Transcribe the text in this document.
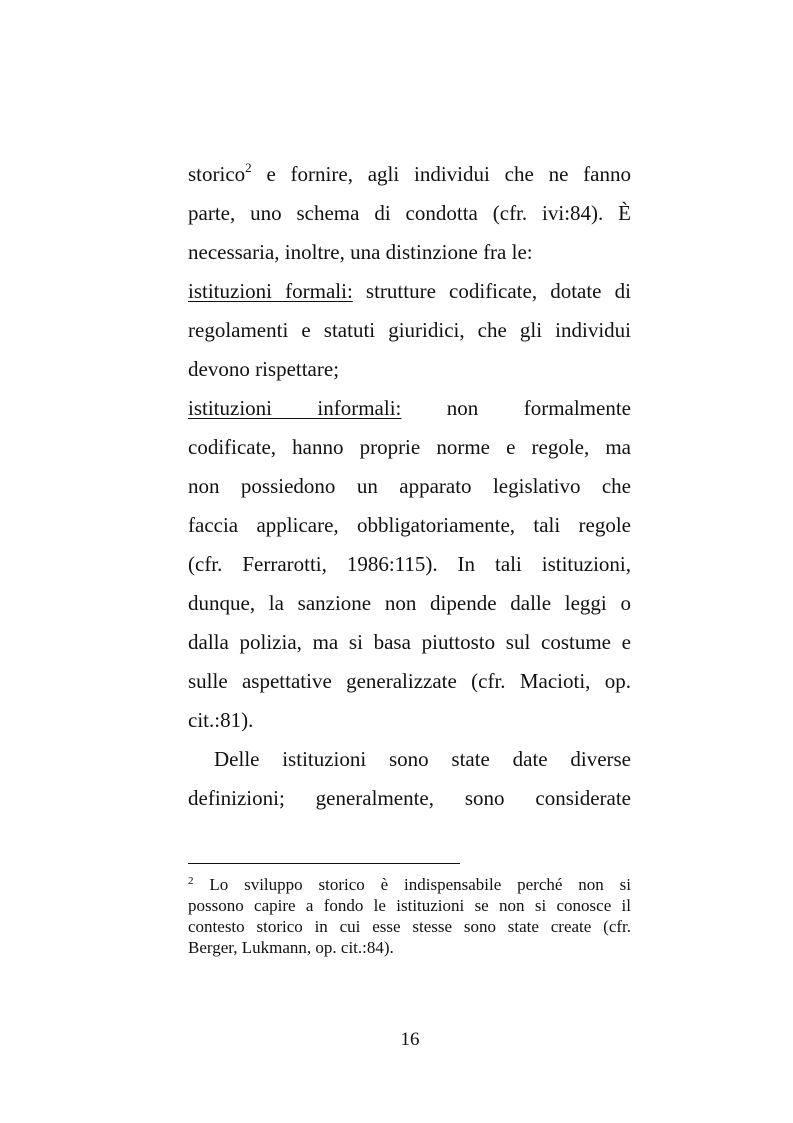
storico$^2$ e fornire, agli individui che ne fanno
parte, uno schema di condotta (cfr. ivi:84). È
necessaria, inoltre, una distinzione fra le:
istituzioni formali: strutture codificate, dotate di
regolamenti e statuti giuridici, che gli individui
devono rispettare;
istituzioni informali: non formalmente
codificate, hanno proprie norme e regole, ma
non possiedono un apparato legislativo che
faccia applicare, obbligatoriamente, tali regole
(cfr. Ferrarotti, 1986:115). In tali istituzioni,
dunque, la sanzione non dipende dalle leggi o
dalla polizia, ma si basa piuttosto sul costume e
sulle aspettative generalizzate (cfr. Macioti, op.
cit.:81).
Delle istituzioni sono state date diverse
definizioni; generalmente, sono considerate
$^2$ Lo sviluppo storico è indispensabile perché non si
possono capire a fondo le istituzioni se non si conosce il
contesto storico in cui esse stesse sono state create (cfr.
Berger, Lukmann, op. cit.:84).
16
